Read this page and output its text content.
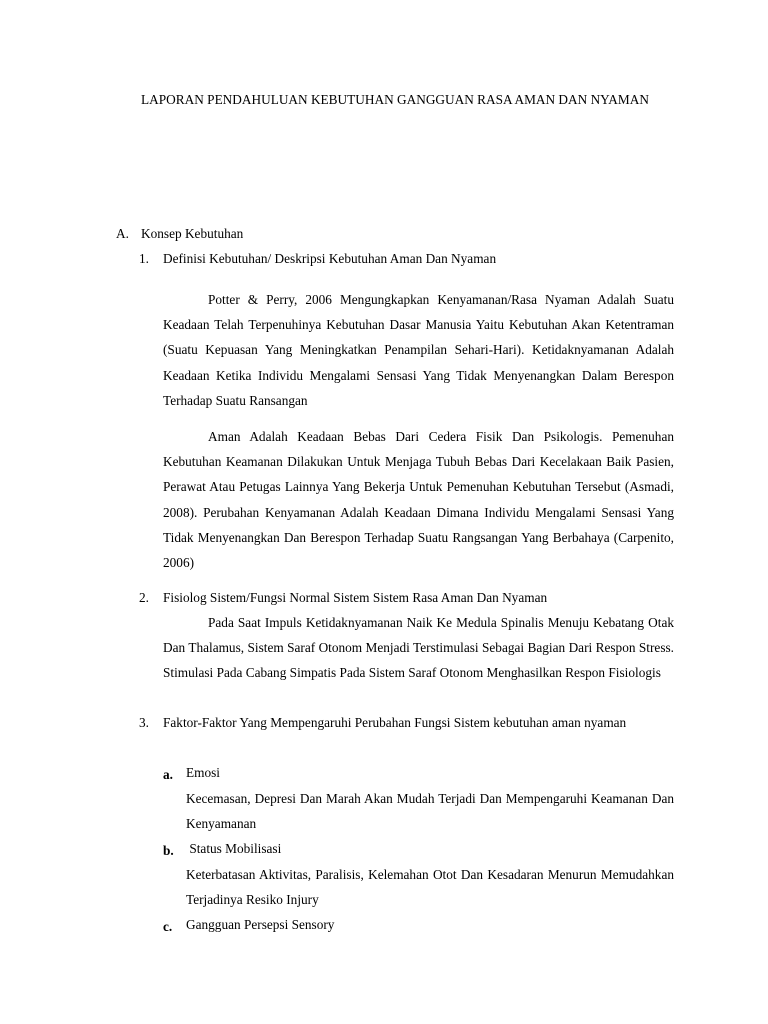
LAPORAN PENDAHULUAN KEBUTUHAN GANGGUAN RASA AMAN DAN NYAMAN
A. Konsep Kebutuhan
1. Definisi Kebutuhan/ Deskripsi Kebutuhan Aman Dan Nyaman

Potter & Perry, 2006 Mengungkapkan Kenyamanan/Rasa Nyaman Adalah Suatu Keadaan Telah Terpenuhinya Kebutuhan Dasar Manusia Yaitu Kebutuhan Akan Ketentraman (Suatu Kepuasan Yang Meningkatkan Penampilan Sehari-Hari). Ketidaknyamanan Adalah Keadaan Ketika Individu Mengalami Sensasi Yang Tidak Menyenangkan Dalam Berespon Terhadap Suatu Ransangan

Aman Adalah Keadaan Bebas Dari Cedera Fisik Dan Psikologis. Pemenuhan Kebutuhan Keamanan Dilakukan Untuk Menjaga Tubuh Bebas Dari Kecelakaan Baik Pasien, Perawat Atau Petugas Lainnya Yang Bekerja Untuk Pemenuhan Kebutuhan Tersebut (Asmadi, 2008). Perubahan Kenyamanan Adalah Keadaan Dimana Individu Mengalami Sensasi Yang Tidak Menyenangkan Dan Berespon Terhadap Suatu Rangsangan Yang Berbahaya (Carpenito, 2006)

2. Fisiolog Sistem/Fungsi Normal Sistem Sistem Rasa Aman Dan Nyaman

Pada Saat Impuls Ketidaknyamanan Naik Ke Medula Spinalis Menuju Kebatang Otak Dan Thalamus, Sistem Saraf Otonom Menjadi Terstimulasi Sebagai Bagian Dari Respon Stress. Stimulasi Pada Cabang Simpatis Pada Sistem Saraf Otonom Menghasilkan Respon Fisiologis

3. Faktor-Faktor Yang Mempengaruhi Perubahan Fungsi Sistem kebutuhan aman nyaman

a. Emosi

Kecemasan, Depresi Dan Marah Akan Mudah Terjadi Dan Mempengaruhi Keamanan Dan Kenyamanan

b. Status Mobilisasi

Keterbatasan Aktivitas, Paralisis, Kelemahan Otot Dan Kesadaran Menurun Memudahkan Terjadinya Resiko Injury

c. Gangguan Persepsi Sensory
